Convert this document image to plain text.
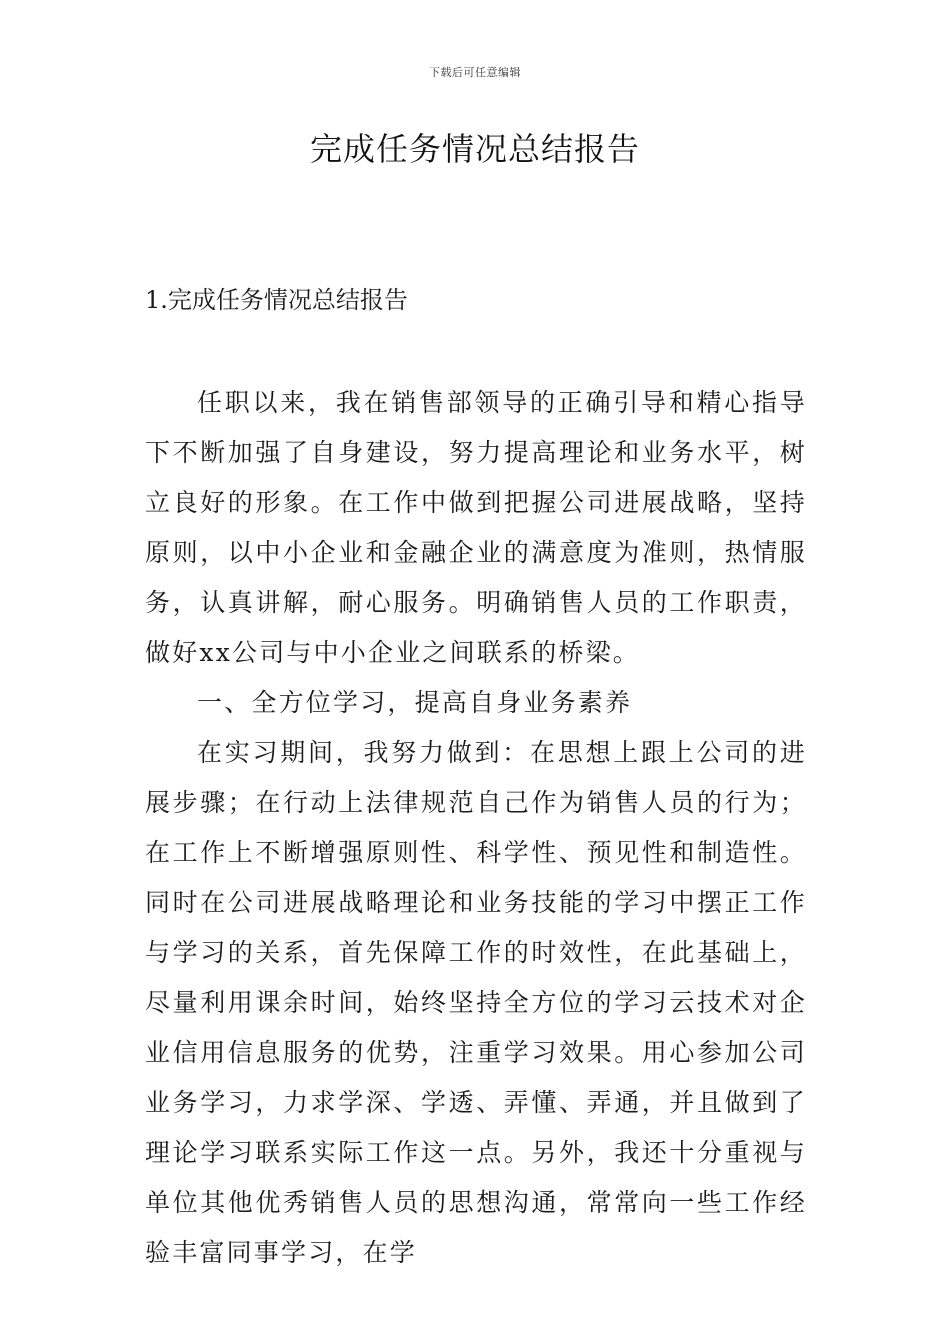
下载后可任意编辑
完成任务情况总结报告
1.完成任务情况总结报告

任职以来，我在销售部领导的正确引导和精心指导下不断加强了自身建设，努力提高理论和业务水平，树立良好的形象。在工作中做到把握公司进展战略，坚持原则，以中小企业和金融企业的满意度为准则，热情服务，认真讲解，耐心服务。明确销售人员的工作职责，做好xx公司与中小企业之间联系的桥梁。

一、全方位学习，提高自身业务素养

在实习期间，我努力做到：在思想上跟上公司的进展步骤；在行动上法律规范自己作为销售人员的行为；在工作上不断增强原则性、科学性、预见性和制造性。同时在公司进展战略理论和业务技能的学习中摆正工作与学习的关系，首先保障工作的时效性，在此基础上，尽量利用课余时间，始终坚持全方位的学习云技术对企业信用信息服务的优势，注重学习效果。用心参加公司业务学习，力求学深、学透、弄懂、弄通，并且做到了理论学习联系实际工作这一点。另外，我还十分重视与单位其他优秀销售人员的思想沟通，常常向一些工作经验丰富同事学习，在学
